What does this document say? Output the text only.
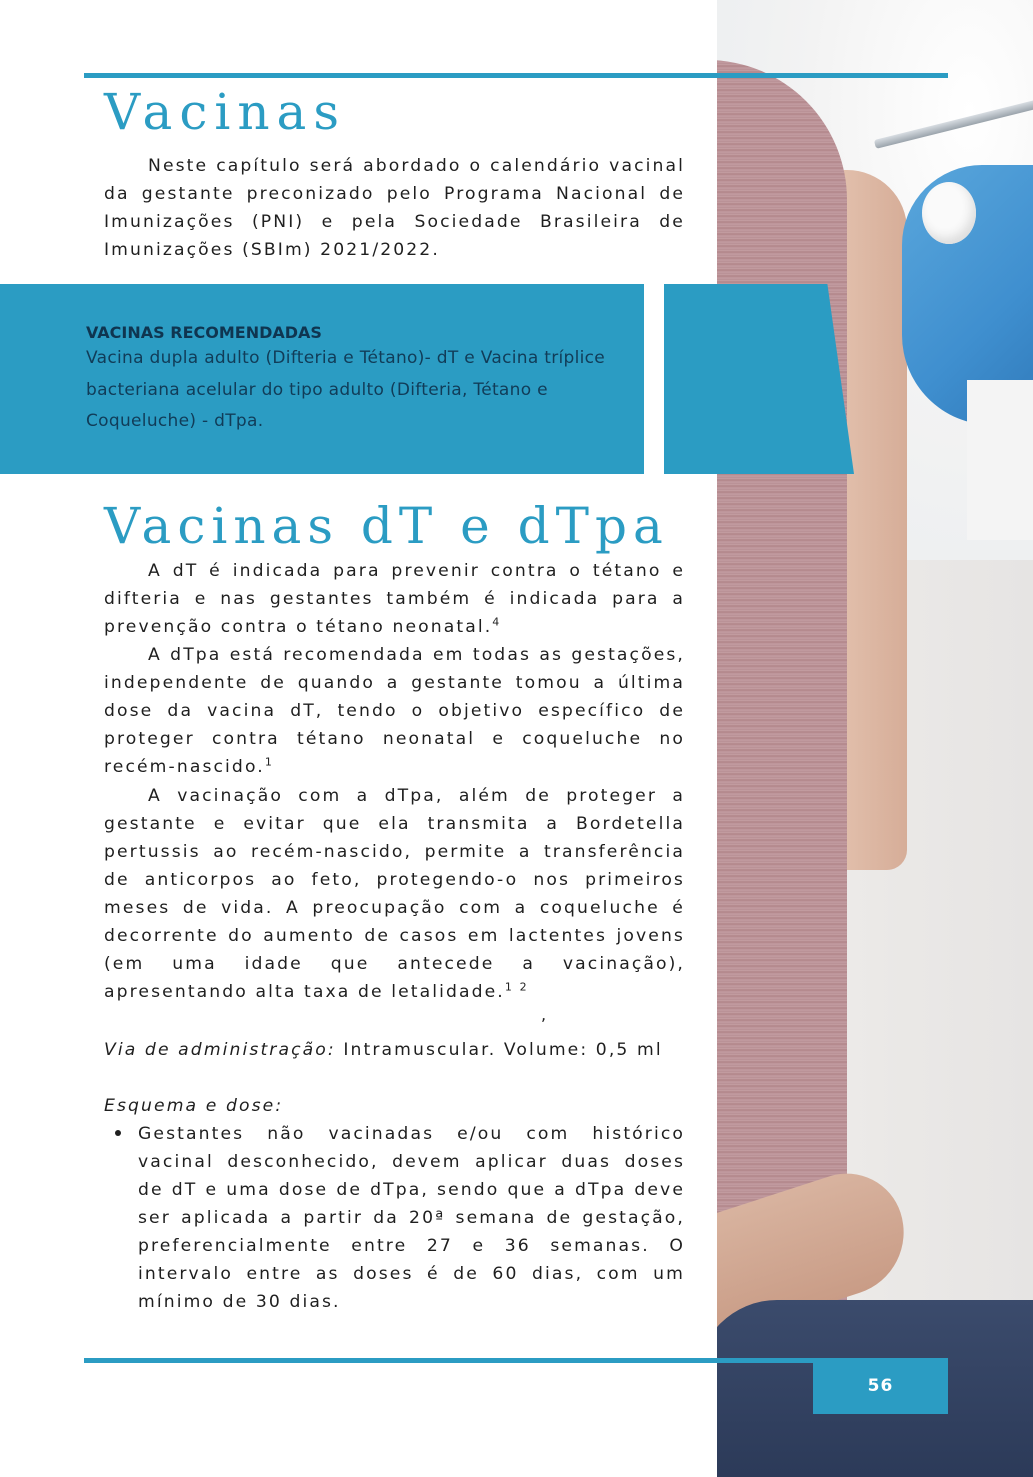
Vacinas

Neste capítulo será abordado o calendário vacinal da gestante preconizado pelo Programa Nacional de Imunizações (PNI) e pela Sociedade Brasileira de Imunizações (SBIm) 2021/2022.

VACINAS RECOMENDADAS

Vacina dupla adulto (Difteria e Tétano)- dT e Vacina tríplice bacteriana acelular do tipo adulto (Difteria, Tétano e Coqueluche) - dTpa.

Vacinas dT e dTpa

A dT é indicada para prevenir contra o tétano e difteria e nas gestantes também é indicada para a prevenção contra o tétano neonatal.$^4$

A dTpa está recomendada em todas as gestações, independente de quando a gestante tomou a última dose da vacina dT, tendo o objetivo específico de proteger contra tétano neonatal e coqueluche no recém-nascido.$^1$

A vacinação com a dTpa, além de proteger a gestante e evitar que ela transmita a Bordetella pertussis ao recém-nascido, permite a transferência de anticorpos ao feto, protegendo-o nos primeiros meses de vida. A preocupação com a coqueluche é decorrente do aumento de casos em lactentes jovens (em uma idade que antecede a vacinação), apresentando alta taxa de letalidade.$^{1 2}$

,

Via de administração: Intramuscular. Volume: 0,5 ml

Esquema e dose:

Gestantes não vacinadas e/ou com histórico vacinal desconhecido, devem aplicar duas doses de dT e uma dose de dTpa, sendo que a dTpa deve ser aplicada a partir da 20ª semana de gestação, preferencialmente entre 27 e 36 semanas. O intervalo entre as doses é de 60 dias, com um mínimo de 30 dias.

56
